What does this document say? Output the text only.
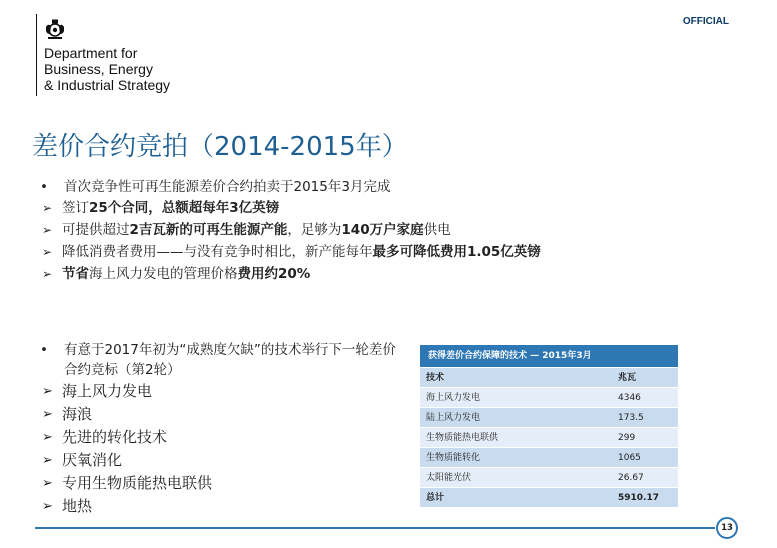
Department for
Business, Energy
& Industrial Strategy
OFFICIAL
差价合约竞拍（2014-2015年）
• 首次竞争性可再生能源差价合约拍卖于2015年3月完成
➢ 签订25个合同，总额超每年3亿英镑
➢ 可提供超过2吉瓦新的可再生能源产能，足够为140万户家庭供电
➢ 降低消费者费用——与没有竞争时相比，新产能每年最多可降低费用1.05亿英镑
➢ 节省海上风力发电的管理价格费用约20%
• 有意于2017年初为“成熟度欠缺”的技术举行下一轮差价合约竞标（第2轮）
➢ 海上风力发电
➢ 海浪
➢ 先进的转化技术
➢ 厌氧消化
➢ 专用生物质能热电联供
➢ 地热
获得差价合约保障的技术 — 2015年3月
技术	兆瓦
海上风力发电	4346
陆上风力发电	173.5
生物质能热电联供	299
生物质能转化	1065
太阳能光伏	26.67
总计	5910.17
13
